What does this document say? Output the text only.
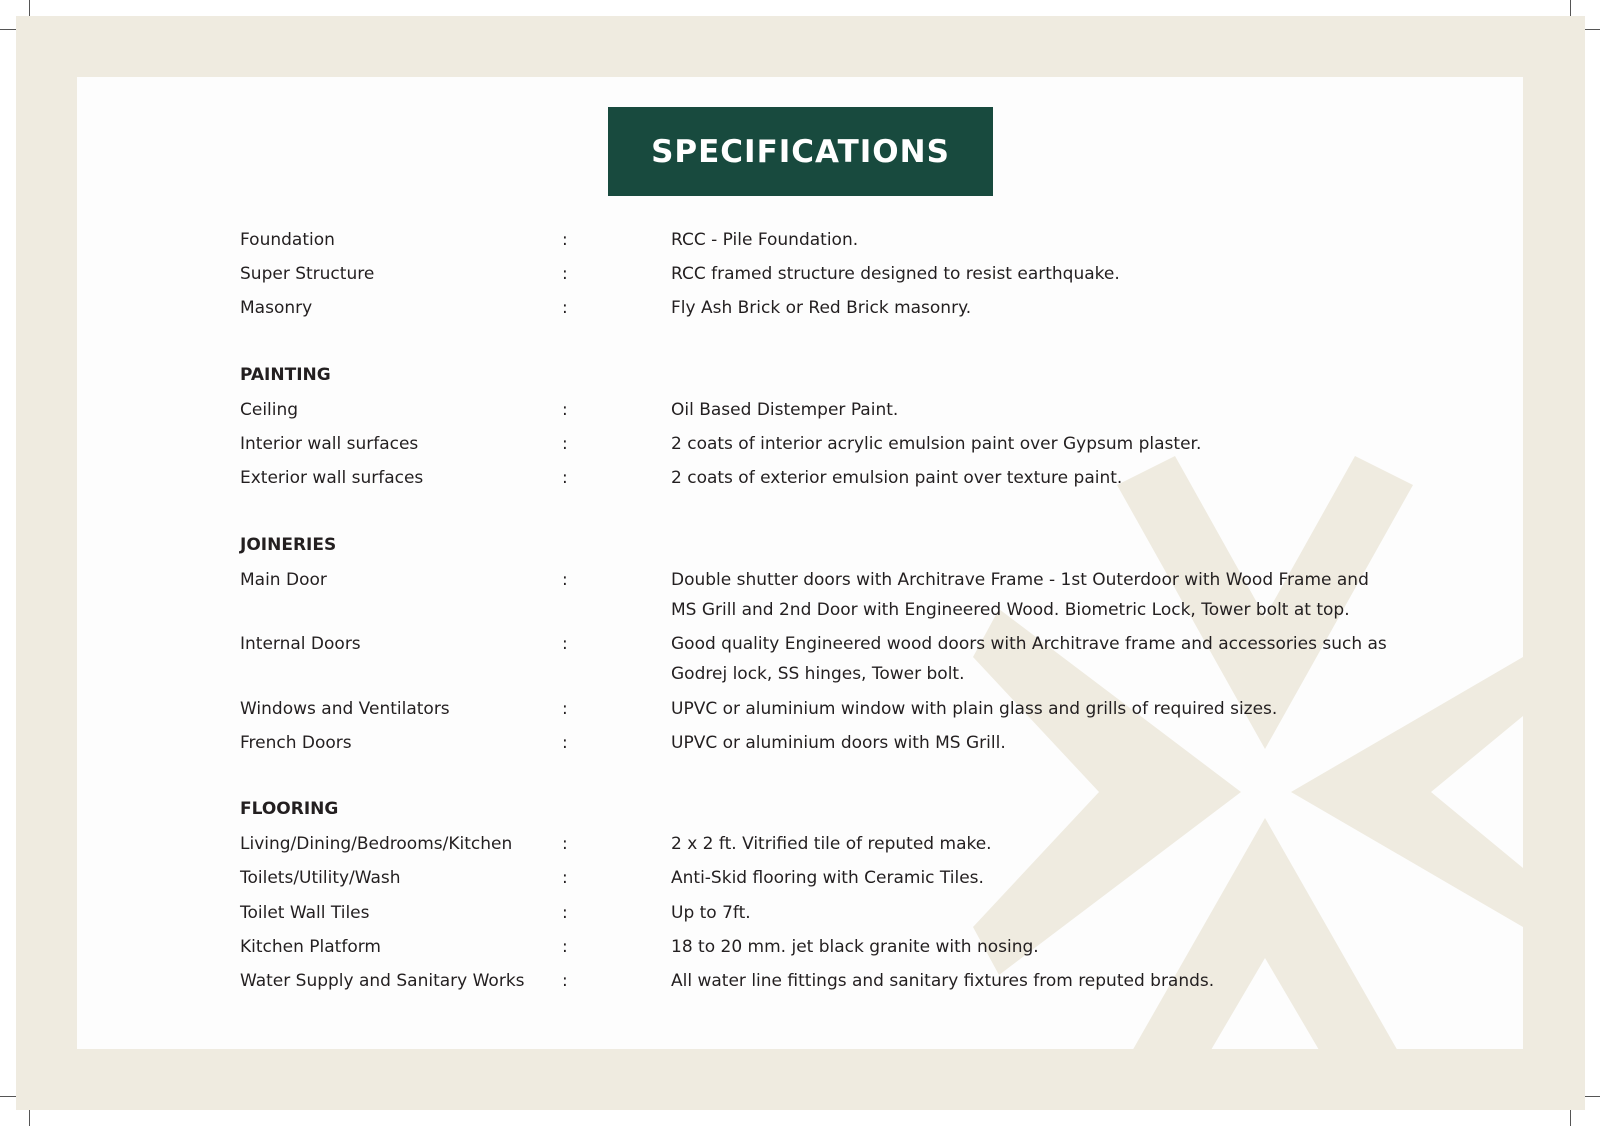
SPECIFICATIONS
Foundation	:	RCC - Pile Foundation.
Super Structure	:	RCC framed structure designed to resist earthquake.
Masonry	:	Fly Ash Brick or Red Brick masonry.
PAINTING
Ceiling	:	Oil Based Distemper Paint.
Interior wall surfaces	:	2 coats of interior acrylic emulsion paint over Gypsum plaster.
Exterior wall surfaces	:	2 coats of exterior emulsion paint over texture paint.
JOINERIES
Main Door	:	Double shutter doors with Architrave Frame - 1st Outerdoor with Wood Frame and
MS Grill and 2nd Door with Engineered Wood. Biometric Lock, Tower bolt at top.
Internal Doors	:	Good quality Engineered wood doors with Architrave frame and accessories such as
Godrej lock, SS hinges, Tower bolt.
Windows and Ventilators	:	UPVC or aluminium window with plain glass and grills of required sizes.
French Doors	:	UPVC or aluminium doors with MS Grill.
FLOORING
Living/Dining/Bedrooms/Kitchen	:	2 x 2 ft. Vitrified tile of reputed make.
Toilets/Utility/Wash	:	Anti-Skid flooring with Ceramic Tiles.
Toilet Wall Tiles	:	Up to 7ft.
Kitchen Platform	:	18 to 20 mm. jet black granite with nosing.
Water Supply and Sanitary Works :	All water line fittings and sanitary fixtures from reputed brands.
